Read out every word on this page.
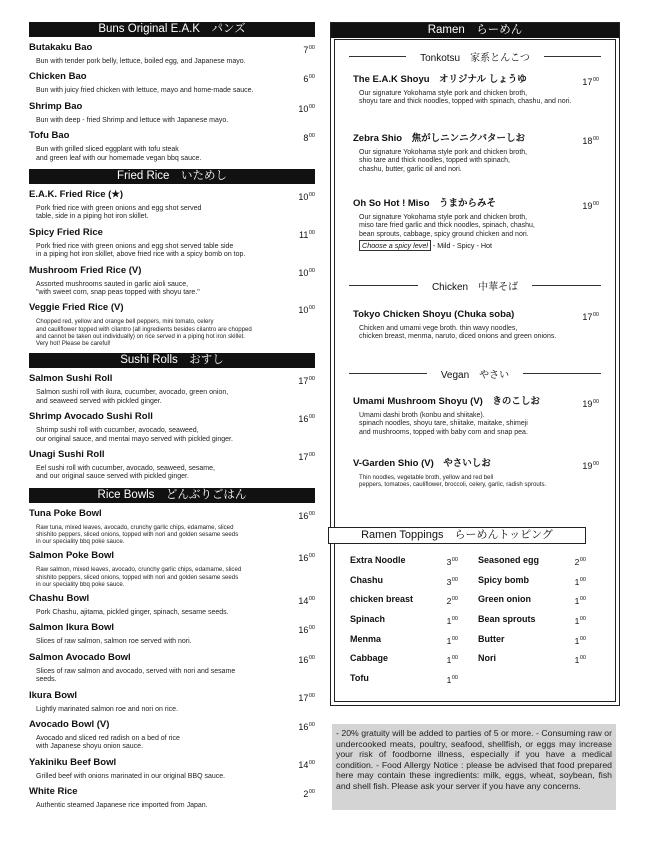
Buns Original E.A.K　パンズ
Butakaku Bao	$7^{00}$
Bun with tender pork belly, lettuce, boiled egg, and Japanese mayo.
Chicken Bao	$6^{00}$
Bun with juicy fried chicken with lettuce, mayo and home-made sauce.
Shrimp Bao	$10^{00}$
Bun with deep - fried Shrimp and lettuce with Japanese mayo.
Tofu Bao	$8^{00}$
Bun with grilled sliced eggplant with tofu steak
and green leaf with our homemade vegan bbq sauce.
Fried Rice　いためし
E.A.K. Fried Rice (★)	$10^{00}$
Pork fried rice with green onions and egg shot served
table, side in a piping hot iron skillet.
Spicy Fried Rice	$11^{00}$
Pork fried rice with green onions and egg shot served table side
in a piping hot iron skillet, above fried rice with a spicy bomb on top.
Mushroom Fried Rice (V)	$10^{00}$
Assorted mushrooms sauted in garlic aioli sauce,
"with sweet corn, snap peas topped with shoyu tare."
Veggie Fried Rice (V)	$10^{00}$
Chopped red, yellow and orange bell peppers, mini tomato, celery
and cauliflower topped with cilantro (all ingredients besides cilantro are chopped
and cannot be taken out individually) on rice served in a piping hot iron skillet.
Very hot! Please be careful!
Sushi Rolls　おすし
Salmon Sushi Roll	$17^{00}$
Salmon sushi roll with ikura, cucumber, avocado, green onion,
and seaweed served with pickled ginger.
Shrimp Avocado Sushi Roll	$16^{00}$
Shrimp sushi roll with cucumber, avocado, seaweed,
our original sauce, and mentai mayo served with pickled ginger.
Unagi Sushi Roll	$17^{00}$
Eel sushi roll with cucumber, avocado, seaweed, sesame,
and our original sauce served with pickled ginger.
Rice Bowls　どんぶりごはん
Tuna Poke Bowl	$16^{00}$
Raw tuna, mixed leaves, avocado, crunchy garlic chips, edamame, sliced
shishito peppers, sliced onions, topped with nori and golden sesame seeds
in our speciality bbq poke sauce.
Salmon Poke Bowl	$16^{00}$
Raw salmon, mixed leaves, avocado, crunchy garlic chips, edamame, sliced
shishito peppers, sliced onions, topped with nori and golden sesame seeds
in our speciality bbq poke sauce.
Chashu Bowl	$14^{00}$
Pork Chashu, ajitama, pickled ginger, spinach, sesame seeds.
Salmon Ikura Bowl	$16^{00}$
Slices of raw salmon, salmon roe served with nori.
Salmon Avocado Bowl	$16^{00}$
Slices of raw salmon and avocado, served with nori and sesame
seeds.
Ikura Bowl	$17^{00}$
Lightly marinated salmon roe and nori on rice.
Avocado Bowl (V)	$16^{00}$
Avocado and sliced red radish on a bed of rice
with Japanese shoyu onion sauce.
Yakiniku Beef Bowl	$14^{00}$
Grilled beef with onions marinated in our original BBQ sauce.
White Rice	$2^{00}$
Authentic steamed Japanese rice imported from Japan.
Ramen　らーめん
Tonkotsu　家系とんこつ
The E.A.K Shoyu　オリジナル しょうゆ	$17^{00}$
Our signature Yokohama style pork and chicken broth,
shoyu tare and thick noodles, topped with spinach, chashu, and nori.
Zebra Shio　焦がしニンニクバターしお	$18^{00}$
Our signature Yokohama style pork and chicken broth,
shio tare and thick noodles, topped with spinach,
chashu, butter, garlic oil and nori.
Oh So Hot ! Miso　うまからみそ	$19^{00}$
Our signature Yokohama style pork and chicken broth,
miso tare fried garlic and thick noodles, spinach, chashu,
bean sprouts, cabbage, spicy ground chicken and nori.
Choose a spicy level - Mild - Spicy - Hot
Chicken　中華そば
Tokyo Chicken Shoyu (Chuka soba)	$17^{00}$
Chicken and umami vege broth. thin wavy noodles,
chicken breast, menma, naruto, diced onions and green onions.
Vegan　やさい
Umami Mushroom Shoyu (V)　きのこしお	$19^{00}$
Umami dashi broth (konbu and shiitake).
spinach noodles, shoyu tare, shiitake, maitake, shimeji
and mushrooms, topped with baby corn and snap pea.
V-Garden Shio (V)　やさいしお	$19^{00}$
Thin noodles, vegetable broth, yellow and red bell
peppers, tomatoes, cauliflower, broccoli, celery, garlic, radish sprouts.
Ramen Toppings　らーめんトッピング
Extra Noodle	$3^{00}$
Chashu	$3^{00}$
chicken breast	$2^{00}$
Spinach	$1^{00}$
Menma	$1^{00}$
Cabbage	$1^{00}$
Tofu	$1^{00}$
Seasoned egg	$2^{00}$
Spicy bomb	$1^{00}$
Green onion	$1^{00}$
Bean sprouts	$1^{00}$
Butter	$1^{00}$
Nori	$1^{00}$
- 20% gratuity will be added to parties of 5 or more. - Consuming raw or undercooked meats, poultry, seafood, shellfish, or eggs may increase your risk of foodborne illness, especially if you have a medical condition. - Food Allergy Notice : please be advised that food prepared here may contain these ingredients: milk, eggs, wheat, soybean, fish and shell fish. Please ask your server if you have any concerns.
